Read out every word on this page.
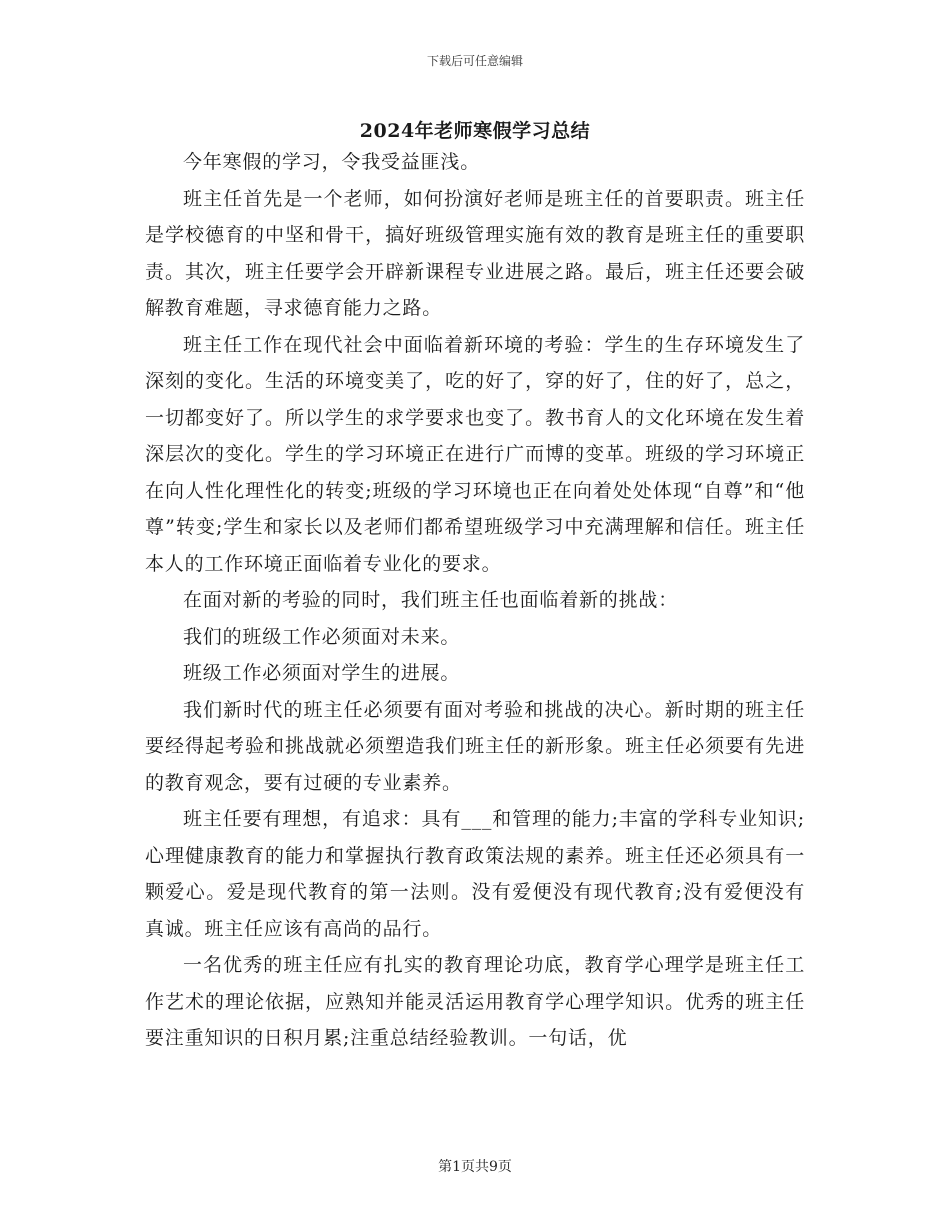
下载后可任意编辑
2024年老师寒假学习总结

今年寒假的学习，令我受益匪浅。

班主任首先是一个老师，如何扮演好老师是班主任的首要职责。班主任是学校德育的中坚和骨干，搞好班级管理实施有效的教育是班主任的重要职责。其次，班主任要学会开辟新课程专业进展之路。最后，班主任还要会破解教育难题，寻求德育能力之路。

班主任工作在现代社会中面临着新环境的考验：学生的生存环境发生了深刻的变化。生活的环境变美了，吃的好了，穿的好了，住的好了，总之，一切都变好了。所以学生的求学要求也变了。教书育人的文化环境在发生着深层次的变化。学生的学习环境正在进行广而博的变革。班级的学习环境正在向人性化理性化的转变;班级的学习环境也正在向着处处体现“自尊”和“他尊”转变;学生和家长以及老师们都希望班级学习中充满理解和信任。班主任本人的工作环境正面临着专业化的要求。

在面对新的考验的同时，我们班主任也面临着新的挑战：

我们的班级工作必须面对未来。

班级工作必须面对学生的进展。

我们新时代的班主任必须要有面对考验和挑战的决心。新时期的班主任要经得起考验和挑战就必须塑造我们班主任的新形象。班主任必须要有先进的教育观念，要有过硬的专业素养。

班主任要有理想，有追求：具有___和管理的能力;丰富的学科专业知识;心理健康教育的能力和掌握执行教育政策法规的素养。班主任还必须具有一颗爱心。爱是现代教育的第一法则。没有爱便没有现代教育;没有爱便没有真诚。班主任应该有高尚的品行。

一名优秀的班主任应有扎实的教育理论功底，教育学心理学是班主任工作艺术的理论依据，应熟知并能灵活运用教育学心理学知识。优秀的班主任要注重知识的日积月累;注重总结经验教训。一句话，优

第1页共9页
